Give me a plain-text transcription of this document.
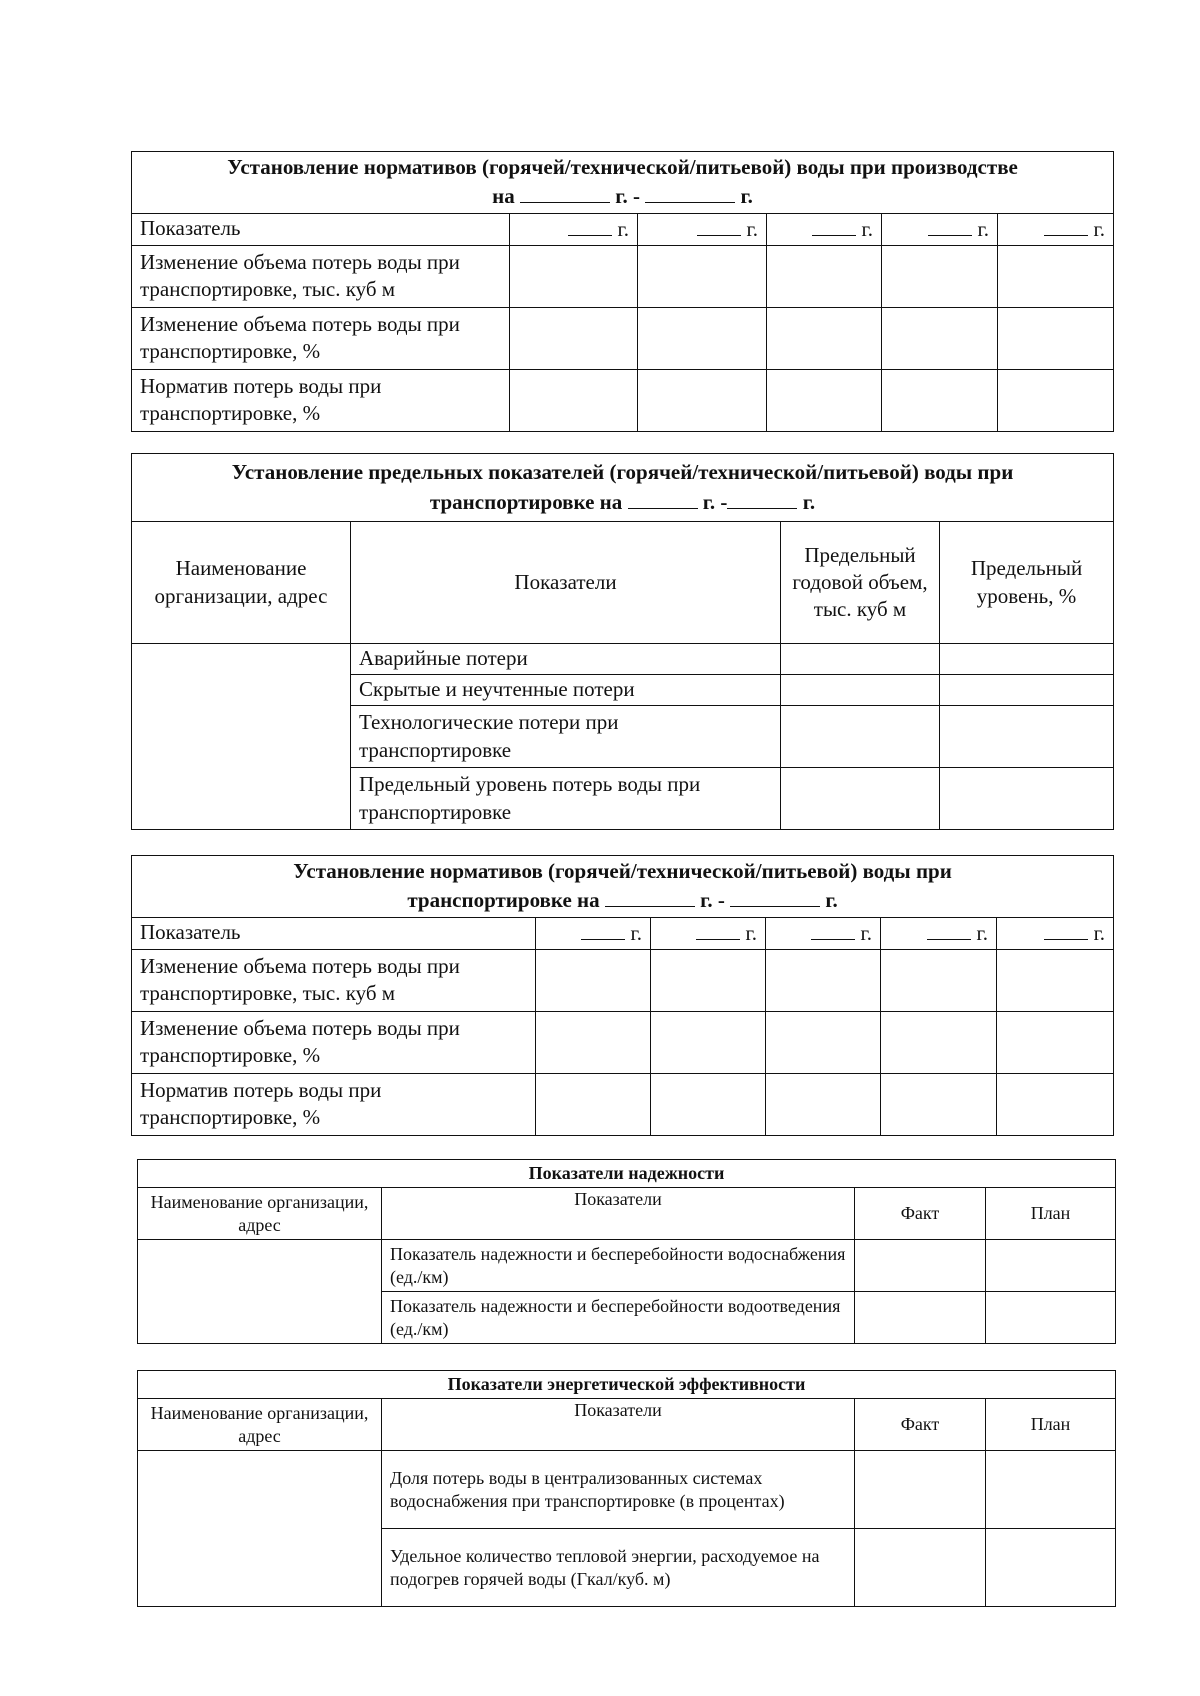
Установление нормативов (горячей/технической/питьевой) воды при производстве
на г. - г.					

Показатель	г.	г.	г.	г.	г.
Изменение объема потерь воды при транспортировке, тыс. куб м					
Изменение объема потерь воды при транспортировке, %					
Норматив потерь воды при транспортировке, %					
Установление предельных показателей (горячей/технической/питьевой) воды при
транспортировке на г. - г.			

Наименование организации, адрес	Показатели	Предельный годовой объем, тыс. куб м	Предельный уровень, %
	Аварийные потери		
	Скрытые и неучтенные потери		
	Технологические потери при транспортировке		
	Предельный уровень потерь воды при транспортировке		
Установление нормативов (горячей/технической/питьевой) воды при
транспортировке на г. - г.					

Показатель	г.	г.	г.	г.	г.
Изменение объема потерь воды при транспортировке, тыс. куб м					
Изменение объема потерь воды при транспортировке, %					
Норматив потерь воды при транспортировке, %					
Показатели надежности			
Наименование организации, адрес	Показатели	Факт	План
	Показатель надежности и бесперебойности водоснабжения (ед./км)		
	Показатель надежности и бесперебойности водоотведения (ед./км)		
Показатели энергетической эффективности			
Наименование организации, адрес	Показатели	Факт	План
	Доля потерь воды в централизованных системах водоснабжения при транспортировке (в процентах)		
	Удельное количество тепловой энергии, расходуемое на подогрев горячей воды (Гкал/куб. м)		
